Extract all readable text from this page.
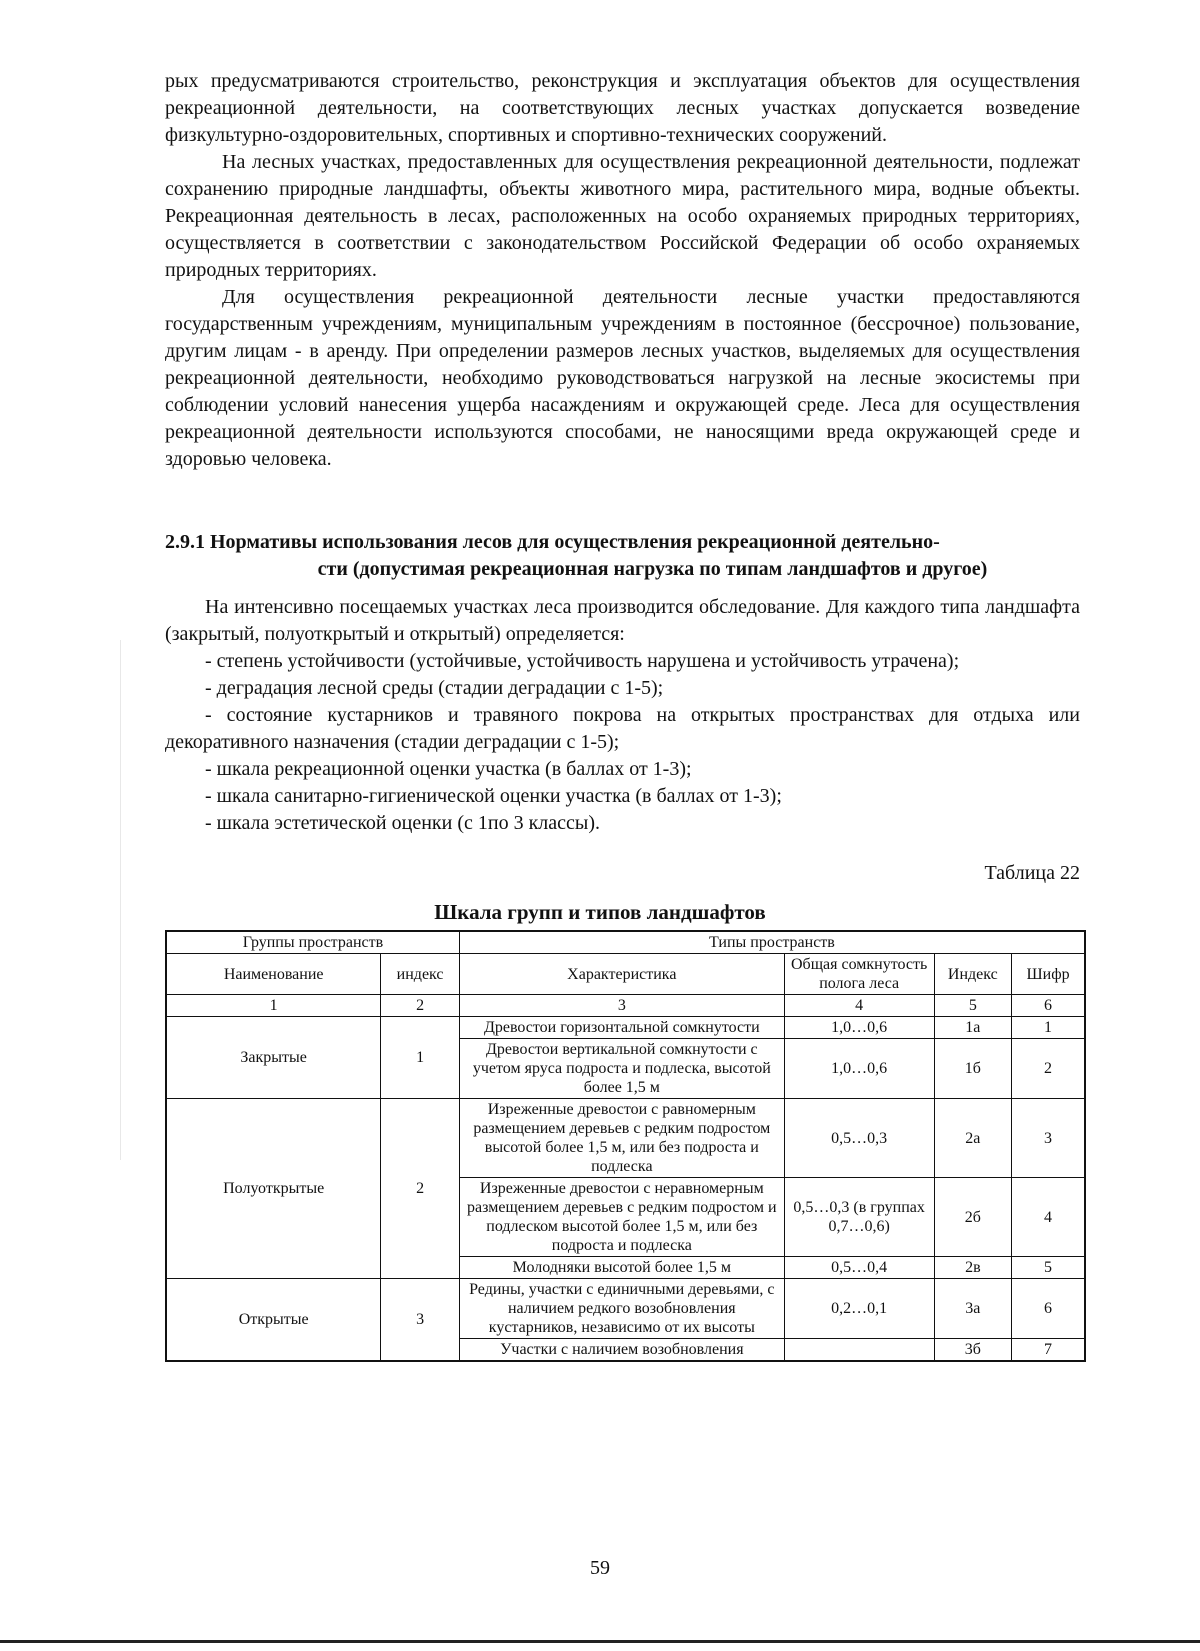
рых предусматриваются строительство, реконструкция и эксплуатация объектов для осуществления рекреационной деятельности, на соответствующих лесных участках допускается возведение физкультурно-оздоровительных, спортивных и спортивно-технических сооружений.

На лесных участках, предоставленных для осуществления рекреационной деятельности, подлежат сохранению природные ландшафты, объекты животного мира, растительного мира, водные объекты. Рекреационная деятельность в лесах, расположенных на особо охраняемых природных территориях, осуществляется в соответствии с законодательством Российской Федерации об особо охраняемых природных территориях.

Для осуществления рекреационной деятельности лесные участки предоставляются государственным учреждениям, муниципальным учреждениям в постоянное (бессрочное) пользование, другим лицам - в аренду. При определении размеров лесных участков, выделяемых для осуществления рекреационной деятельности, необходимо руководствоваться нагрузкой на лесные экосистемы при соблюдении условий нанесения ущерба насаждениям и окружающей среде. Леса для осуществления рекреационной деятельности используются способами, не наносящими вреда окружающей среде и здоровью человека.

2.9.1 Нормативы использования лесов для осуществления рекреационной деятельно-
сти (допустимая рекреационная нагрузка по типам ландшафтов и другое)

На интенсивно посещаемых участках леса производится обследование. Для каждого типа ландшафта (закрытый, полуоткрытый и открытый) определяется:

- степень устойчивости (устойчивые, устойчивость нарушена и устойчивость утрачена);

- деградация лесной среды (стадии деградации с 1-5);

- состояние кустарников и травяного покрова на открытых пространствах для отдыха или декоративного назначения (стадии деградации с 1-5);

- шкала рекреационной оценки участка (в баллах от 1-3);

- шкала санитарно-гигиенической оценки участка (в баллах от 1-3);

- шкала эстетической оценки (с 1по 3 классы).

Таблица 22
Шкала групп и типов ландшафтов
Группы пространств		Типы пространств			
Наименование	индекс	Характеристика	Общая сомкнутость полога леса	Индекс	Шифр
1	2	3	4	5	6
Закрытые	1	Древостои горизонтальной сомкнутости	1,0…0,6	1а	1
		Древостои вертикальной сомкнутости с учетом яруса подроста и подлеска, высотой более 1,5 м	1,0…0,6	1б	2
Полуоткрытые	2	Изреженные древостои с равномерным размещением деревьев с редким подростом высотой более 1,5 м, или без подроста и подлеска	0,5…0,3	2а	3
		Изреженные древостои с неравномерным размещением деревьев с редким подростом и подлеском высотой более 1,5 м, или без подроста и подлеска	0,5…0,3 (в группах 0,7…0,6)	2б	4
		Молодняки высотой более 1,5 м	0,5…0,4	2в	5
Открытые	3	Редины, участки с единичными деревьями, с наличием редкого возобновления кустарников, независимо от их высоты	0,2…0,1	3а	6
		Участки с наличием возобновления		3б	7
59
